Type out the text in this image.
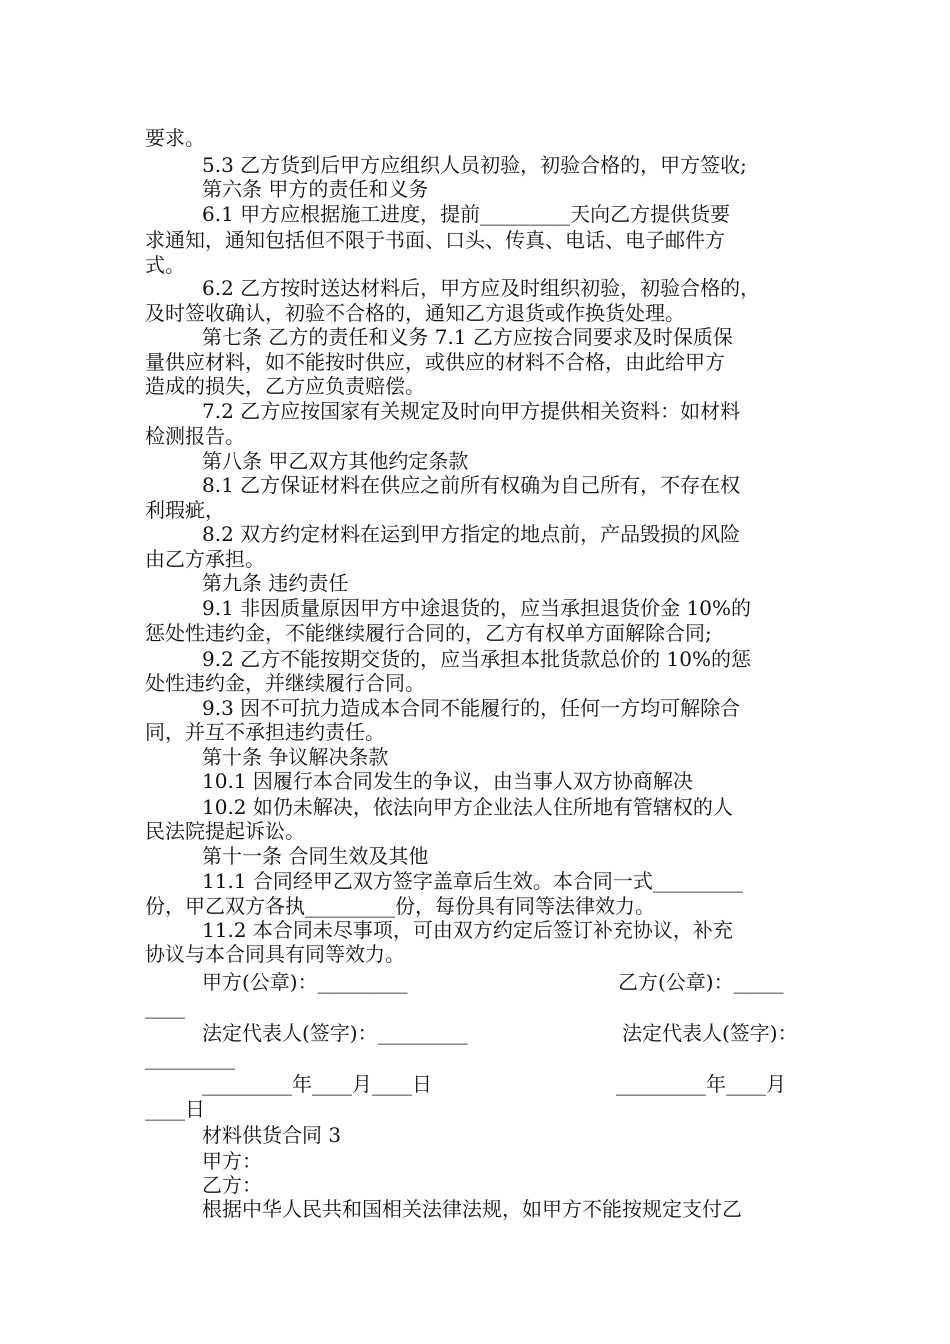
要求。
5.3 乙方货到后甲方应组织人员初验，初验合格的，甲方签收;
第六条 甲方的责任和义务
6.1 甲方应根据施工进度，提前_________天向乙方提供货要
求通知，通知包括但不限于书面、口头、传真、电话、电子邮件方
式。
6.2 乙方按时送达材料后，甲方应及时组织初验，初验合格的，
及时签收确认，初验不合格的，通知乙方退货或作换货处理。
第七条 乙方的责任和义务 7.1 乙方应按合同要求及时保质保
量供应材料，如不能按时供应，或供应的材料不合格，由此给甲方
造成的损失，乙方应负责赔偿。
7.2 乙方应按国家有关规定及时向甲方提供相关资料：如材料
检测报告。
第八条 甲乙双方其他约定条款
8.1 乙方保证材料在供应之前所有权确为自己所有，不存在权
利瑕疵，
8.2 双方约定材料在运到甲方指定的地点前，产品毁损的风险
由乙方承担。
第九条 违约责任
9.1 非因质量原因甲方中途退货的，应当承担退货价金 10%的
惩处性违约金，不能继续履行合同的，乙方有权单方面解除合同;
9.2 乙方不能按期交货的，应当承担本批货款总价的 10%的惩
处性违约金，并继续履行合同。
9.3 因不可抗力造成本合同不能履行的，任何一方均可解除合
同，并互不承担违约责任。
第十条 争议解决条款
10.1 因履行本合同发生的争议，由当事人双方协商解决
10.2 如仍未解决，依法向甲方企业法人住所地有管辖权的人
民法院提起诉讼。
第十一条 合同生效及其他
11.1 合同经甲乙双方签字盖章后生效。本合同一式_________
份，甲乙双方各执_________份，每份具有同等法律效力。
11.2 本合同未尽事项，可由双方约定后签订补充协议，补充
协议与本合同具有同等效力。

甲方(公章)：_________

	乙方(公章)：_____

____

法定代表人(签字)：_________

	法定代表人(签字)：

_________

_________年____月____日

	_________年____月

____日
材料供货合同 3
甲方：
乙方：
根据中华人民共和国相关法律法规，如甲方不能按规定支付乙
